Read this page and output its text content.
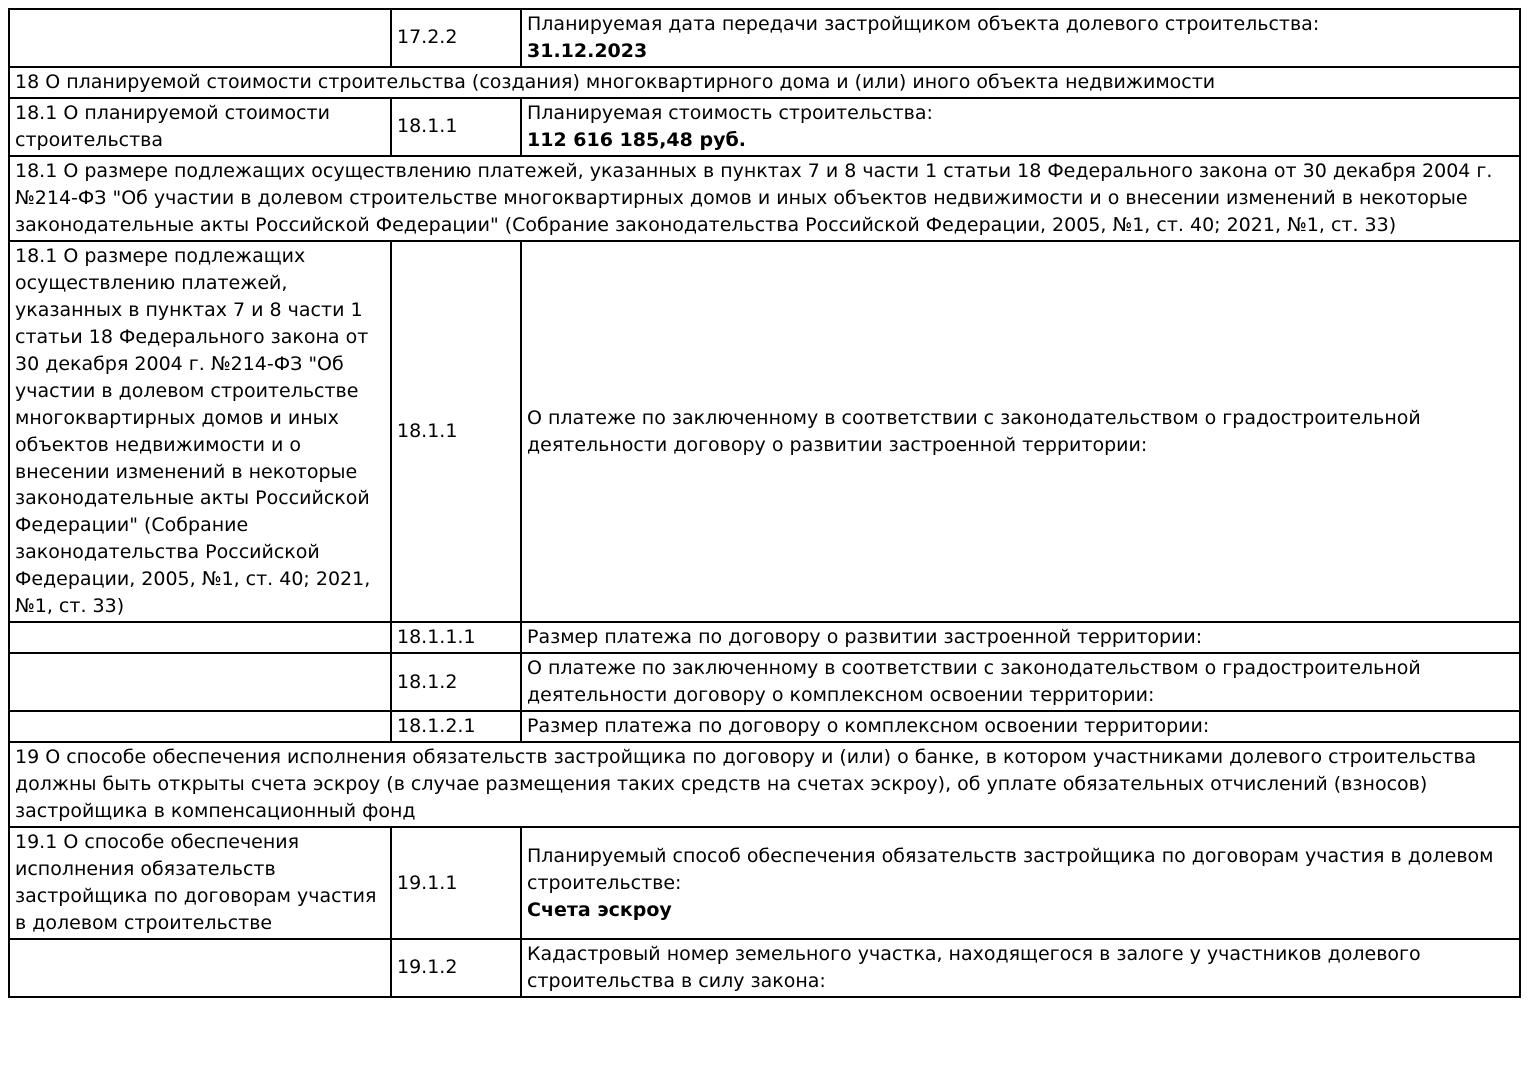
	17.2.2	Планируемая дата передачи застройщиком объекта долевого строительства:
31.12.2023

18 О планируемой стоимости строительства (создания) многоквартирного дома и (или) иного объекта недвижимости		
18.1 О планируемой стоимости строительства	18.1.1	Планируемая стоимость строительства:
112 616 185,48 руб.

18.1 О размере подлежащих осуществлению платежей, указанных в пунктах 7 и 8 части 1 статьи 18 Федерального закона от 30 декабря 2004 г. №214-ФЗ "Об участии в долевом строительстве многоквартирных домов и иных объектов недвижимости и о внесении изменений в некоторые законодательные акты Российской Федерации" (Собрание законодательства Российской Федерации, 2005, №1, ст. 40; 2021, №1, ст. 33)		
18.1 О размере подлежащих осуществлению платежей, указанных в пунктах 7 и 8 части 1 статьи 18 Федерального закона от 30 декабря 2004 г. №214-ФЗ "Об участии в долевом строительстве многоквартирных домов и иных объектов недвижимости и о внесении изменений в некоторые законодательные акты Российской Федерации" (Собрание законодательства Российской Федерации, 2005, №1, ст. 40; 2021, №1, ст. 33)	18.1.1	О платеже по заключенному в соответствии с законодательством о градостроительной деятельности договору о развитии застроенной территории:

	18.1.1.1	Размер платежа по договору о развитии застроенной территории:

	18.1.2	О платеже по заключенному в соответствии с законодательством о градостроительной деятельности договору о комплексном освоении территории:

	18.1.2.1	Размер платежа по договору о комплексном освоении территории:

19 О способе обеспечения исполнения обязательств застройщика по договору и (или) о банке, в котором участниками долевого строительства должны быть открыты счета эскроу (в случае размещения таких средств на счетах эскроу), об уплате обязательных отчислений (взносов) застройщика в компенсационный фонд		
19.1 О способе обеспечения исполнения обязательств застройщика по договорам участия в долевом строительстве	19.1.1	Планируемый способ обеспечения обязательств застройщика по договорам участия в долевом строительстве:
Счета эскроу

	19.1.2	Кадастровый номер земельного участка, находящегося в залоге у участников долевого строительства в силу закона:
